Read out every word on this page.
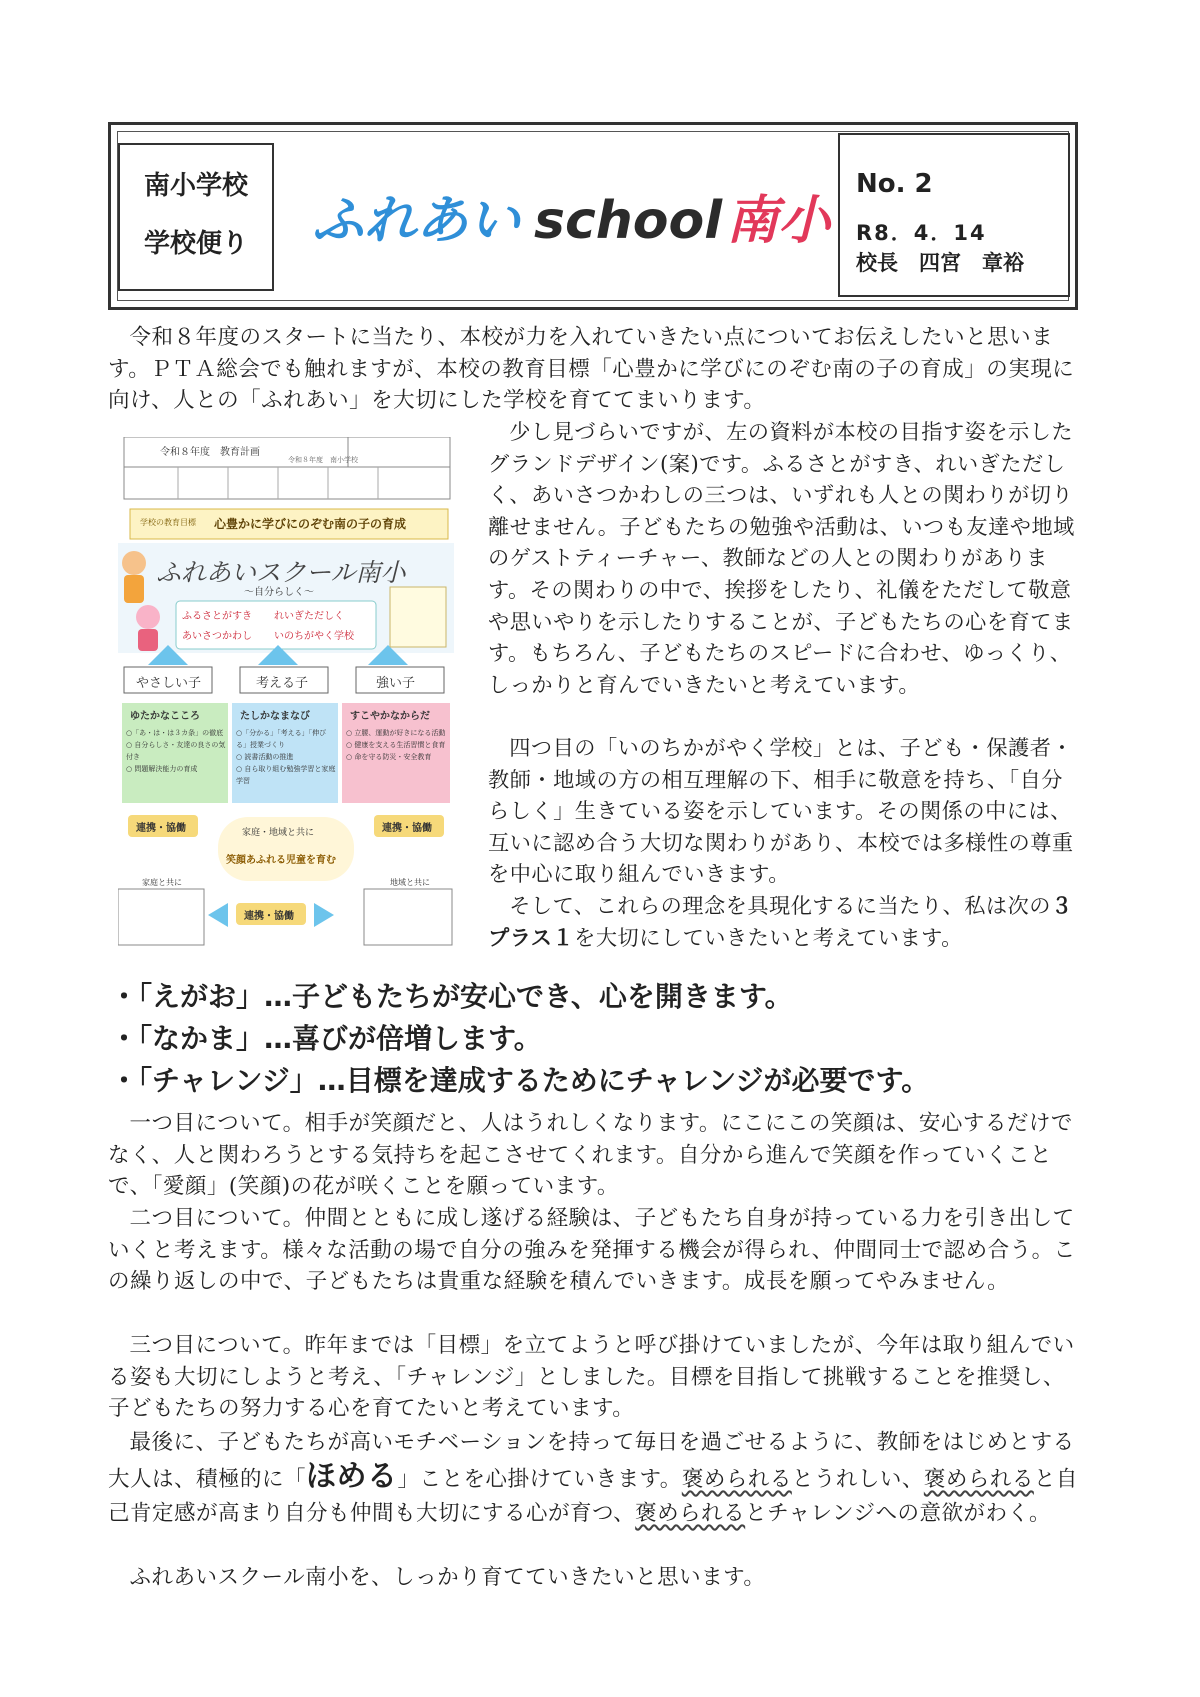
南小学校
学校便り	ふれあい school南小
No. 2
R8．4．14
校長　四宮　章裕
令和８年度のスタートに当たり、本校が力を入れていきたい点についてお伝えしたいと思います。ＰＴＡ総会でも触れますが、本校の教育目標「心豊かに学びにのぞむ南の子の育成」の実現に向け、人との「ふれあい」を大切にした学校を育ててまいります。
少し見づらいですが、左の資料が本校の目指す姿を示したグランドデザイン(案)です。ふるさとがすき、れいぎただしく、あいさつかわしの三つは、いずれも人との関わりが切り離せません。子どもたちの勉強や活動は、いつも友達や地域のゲストティーチャー、教師などの人との関わりがあります。その関わりの中で、挨拶をしたり、礼儀をただして敬意や思いやりを示したりすることが、子どもたちの心を育てます。もちろん、子どもたちのスピードに合わせ、ゆっくり、しっかりと育んでいきたいと考えています。
四つ目の「いのちかがやく学校」とは、子ども・保護者・教師・地域の方の相互理解の下、相手に敬意を持ち、「自分らしく」生きている姿を示しています。その関係の中には、互いに認め合う大切な関わりがあり、本校では多様性の尊重を中心に取り組んでいきます。
そして、これらの理念を具現化するに当たり、私は次の３プラス１を大切にしていきたいと考えています。
令和８年度　教育計画
令和８年度　南小学校
学校の教育目標 心豊かに学びにのぞむ南の子の育成
ふれあいスクール南小
〜自分らしく〜
ふるさとがすき れいぎただしく
あいさつかわし いのちがやく学校
やさしい子	考える子	強い子
ゆたかなこころ	たしかなまなび	すこやかなからだ
○「あ・は・は３カ条」の徹底
○ 自分らしさ・友達の良さの気付き
○ 問題解決能力の育成
○「分かる」「考える」「伸びる」授業づくり
○ 読書活動の推進
○ 自ら取り組む勉強学習と家庭学習
○ 立腰、運動が好きになる活動
○ 健康を支える生活習慣と食育
○ 命を守る防災・安全教育
連携・協働	連携・協働
連携・協働
家庭・地域と共に
笑顔あふれる児童を育む
家庭と共に	地域と共に
・「えがお」…子どもたちが安心でき、心を開きます。
・「なかま」…喜びが倍増します。
・「チャレンジ」…目標を達成するためにチャレンジが必要です。
一つ目について。相手が笑顔だと、人はうれしくなります。にこにこの笑顔は、安心するだけでなく、人と関わろうとする気持ちを起こさせてくれます。自分から進んで笑顔を作っていくことで、「愛顔」(笑顔)の花が咲くことを願っています。
二つ目について。仲間とともに成し遂げる経験は、子どもたち自身が持っている力を引き出していくと考えます。様々な活動の場で自分の強みを発揮する機会が得られ、仲間同士で認め合う。この繰り返しの中で、子どもたちは貴重な経験を積んでいきます。成長を願ってやみません。
三つ目について。昨年までは「目標」を立てようと呼び掛けていましたが、今年は取り組んでいる姿も大切にしようと考え、「チャレンジ」としました。目標を目指して挑戦することを推奨し、子どもたちの努力する心を育てたいと考えています。
最後に、子どもたちが高いモチベーションを持って毎日を過ごせるように、教師をはじめとする大人は、積極的に「ほめる」ことを心掛けていきます。褒められるとうれしい、褒められると自己肯定感が高まり自分も仲間も大切にする心が育つ、褒められるとチャレンジへの意欲がわく。
ふれあいスクール南小を、しっかり育てていきたいと思います。
